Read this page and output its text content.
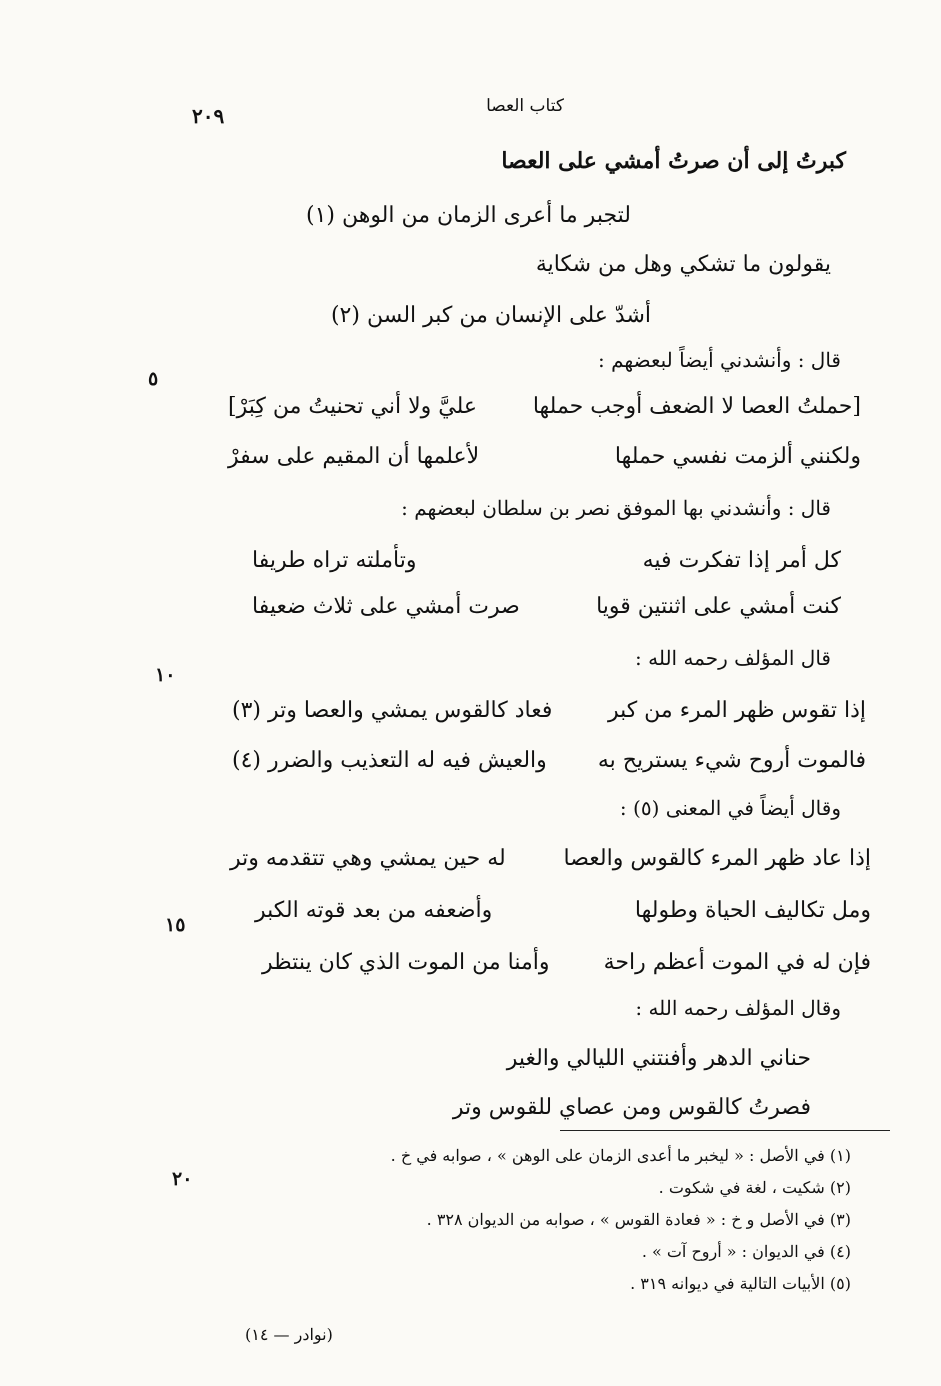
كتاب العصا
٢٠٩
٥
١٠
١٥
٢٠
كبرتُ إلى أن صرتُ أمشي على العصا
لتجبر ما أعرى الزمان من الوهن (١)
يقولون ما تشكي وهل من شكاية
أشدّ على الإنسان من كبر السن (٢)
قال : وأنشدني أيضاً لبعضهم :
[حملتُ العصا لا الضعف أوجب حملها
عليَّ ولا أني تحنيتُ من كِبَرْ]
ولكنني ألزمت نفسي حملها
لأعلمها أن المقيم على سفرْ
قال : وأنشدني بها الموفق نصر بن سلطان لبعضهم :
كل أمر إذا تفكرت فيه
وتأملته تراه طريفا
كنت أمشي على اثنتين قويا
صرت أمشي على ثلاث ضعيفا
قال المؤلف رحمه الله :
إذا تقوس ظهر المرء من كبر
فعاد كالقوس يمشي والعصا وتر (٣)
فالموت أروح شيء يستريح به
والعيش فيه له التعذيب والضرر (٤)
وقال أيضاً في المعنى (٥) :
إذا عاد ظهر المرء كالقوس والعصا
له حين يمشي وهي تتقدمه وتر
ومل تكاليف الحياة وطولها
وأضعفه من بعد قوته الكبر
فإن له في الموت أعظم راحة
وأمنا من الموت الذي كان ينتظر
وقال المؤلف رحمه الله :
حناني الدهر وأفنتني الليالي والغير
فصرتُ كالقوس ومن عصاي للقوس وتر
(١) في الأصل : « ليخبر ما أعدى الزمان على الوهن » ، صوابه في خ .
(٢) شكيت ، لغة في شكوت .
(٣) في الأصل و خ : « فعادة القوس » ، صوابه من الديوان ٣٢٨ .
(٤) في الديوان : « أروح آت » .
(٥) الأبيات التالية في ديوانه ٣١٩ .
(نوادر — ١٤)
